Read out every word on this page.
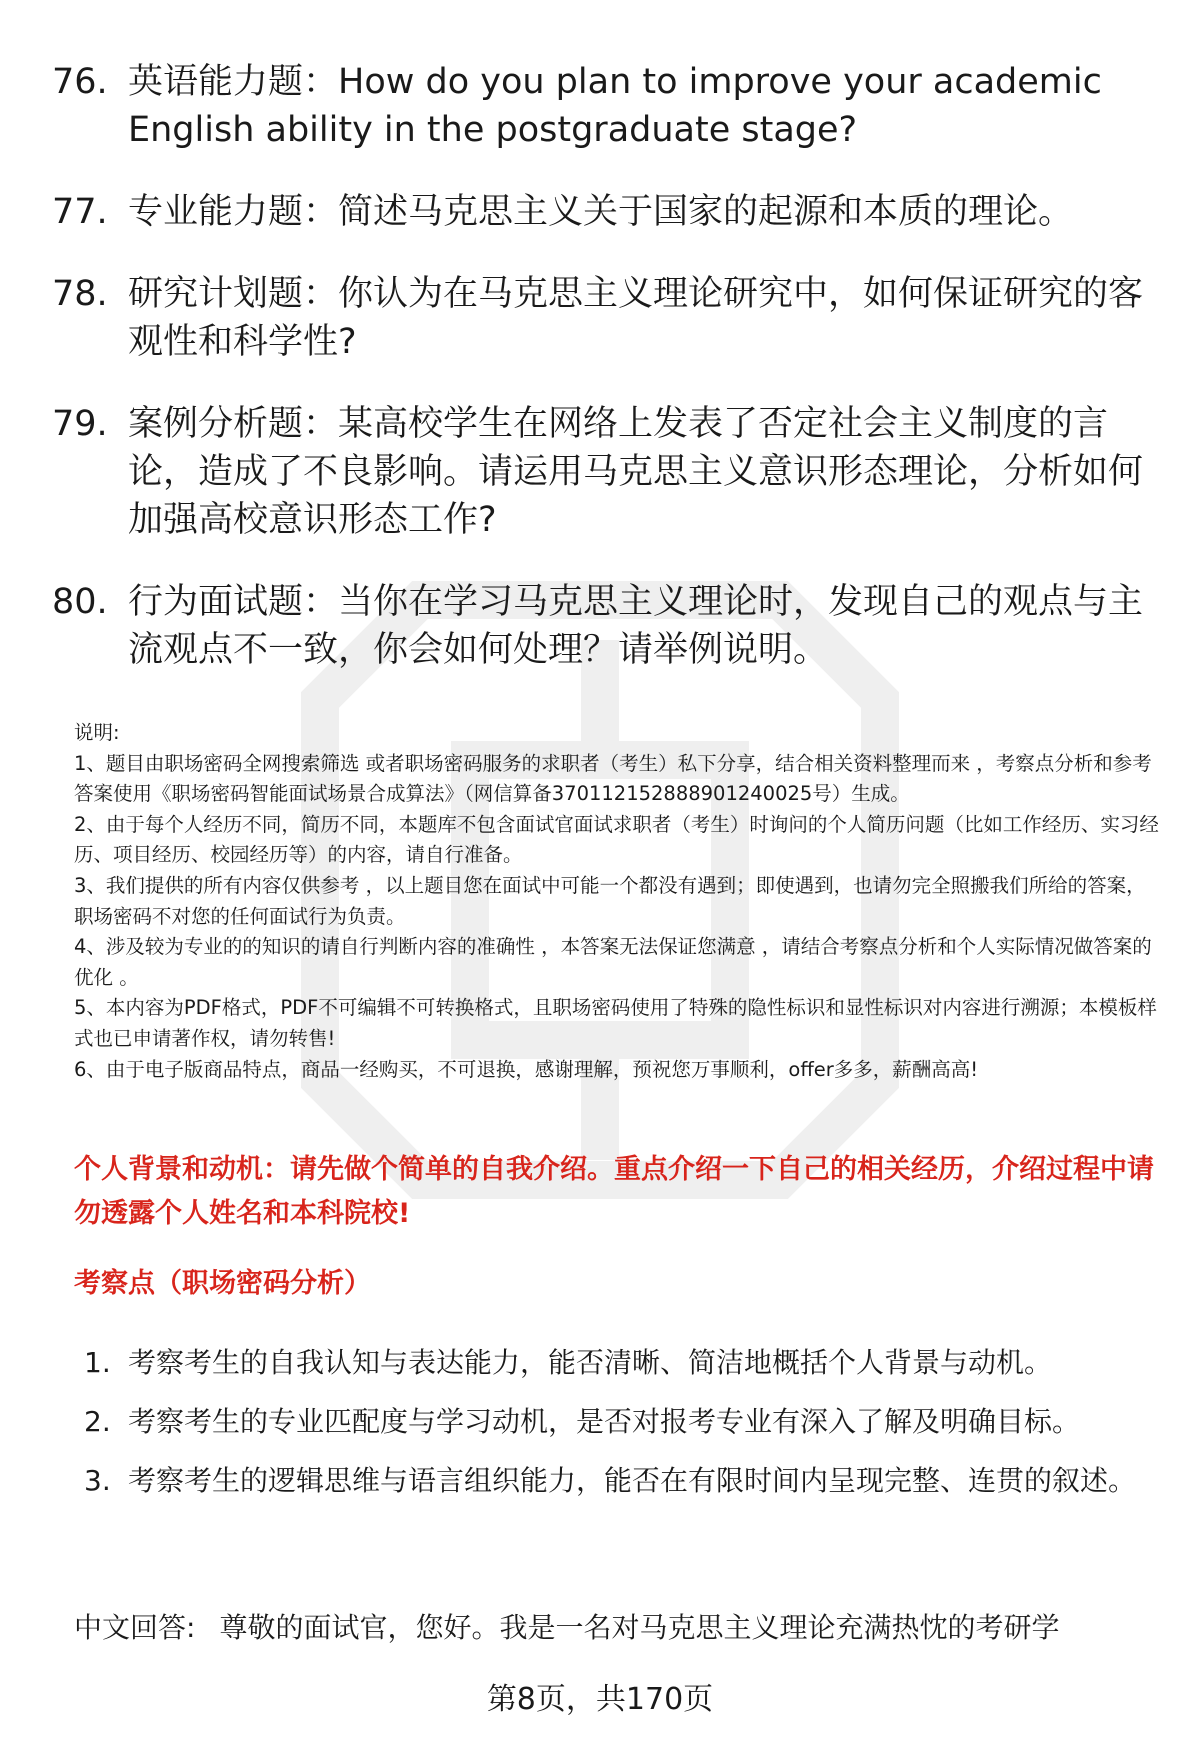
76. 英语能力题：How do you plan to improve your academic English ability in the postgraduate stage?
77. 专业能力题：简述马克思主义关于国家的起源和本质的理论。
78. 研究计划题：你认为在马克思主义理论研究中，如何保证研究的客观性和科学性?
79. 案例分析题：某高校学生在网络上发表了否定社会主义制度的言论，造成了不良影响。请运用马克思主义意识形态理论，分析如何加强高校意识形态工作?
80. 行为面试题：当你在学习马克思主义理论时，发现自己的观点与主流观点不一致，你会如何处理？请举例说明。

说明:

1、题目由职场密码全网搜索筛选 或者职场密码服务的求职者（考生）私下分享，结合相关资料整理而来 ，考察点分析和参考答案使用《职场密码智能面试场景合成算法》（网信算备370112152888901240025号）生成。

2、由于每个人经历不同，简历不同，本题库不包含面试官面试求职者（考生）时询问的个人简历问题（比如工作经历、实习经历、项目经历、校园经历等）的内容，请自行准备。

3、我们提供的所有内容仅供参考 ，以上题目您在面试中可能一个都没有遇到；即使遇到，也请勿完全照搬我们所给的答案，职场密码不对您的任何面试行为负责。

4、涉及较为专业的的知识的请自行判断内容的准确性 ，本答案无法保证您满意 ，请结合考察点分析和个人实际情况做答案的优化 。

5、本内容为PDF格式，PDF不可编辑不可转换格式，且职场密码使用了特殊的隐性标识和显性标识对内容进行溯源；本模板样式也已申请著作权，请勿转售!

6、由于电子版商品特点，商品一经购买，不可退换，感谢理解，预祝您万事顺利，offer多多，薪酬高高!

个人背景和动机：请先做个简单的自我介绍。重点介绍一下自己的相关经历，介绍过程中请勿透露个人姓名和本科院校!
考察点（职场密码分析）
1. 考察考生的自我认知与表达能力，能否清晰、简洁地概括个人背景与动机。
2. 考察考生的专业匹配度与学习动机，是否对报考专业有深入了解及明确目标。
3. 考察考生的逻辑思维与语言组织能力，能否在有限时间内呈现完整、连贯的叙述。
中文回答: 尊敬的面试官，您好。我是一名对马克思主义理论充满热忱的考研学
第8页，共170页
